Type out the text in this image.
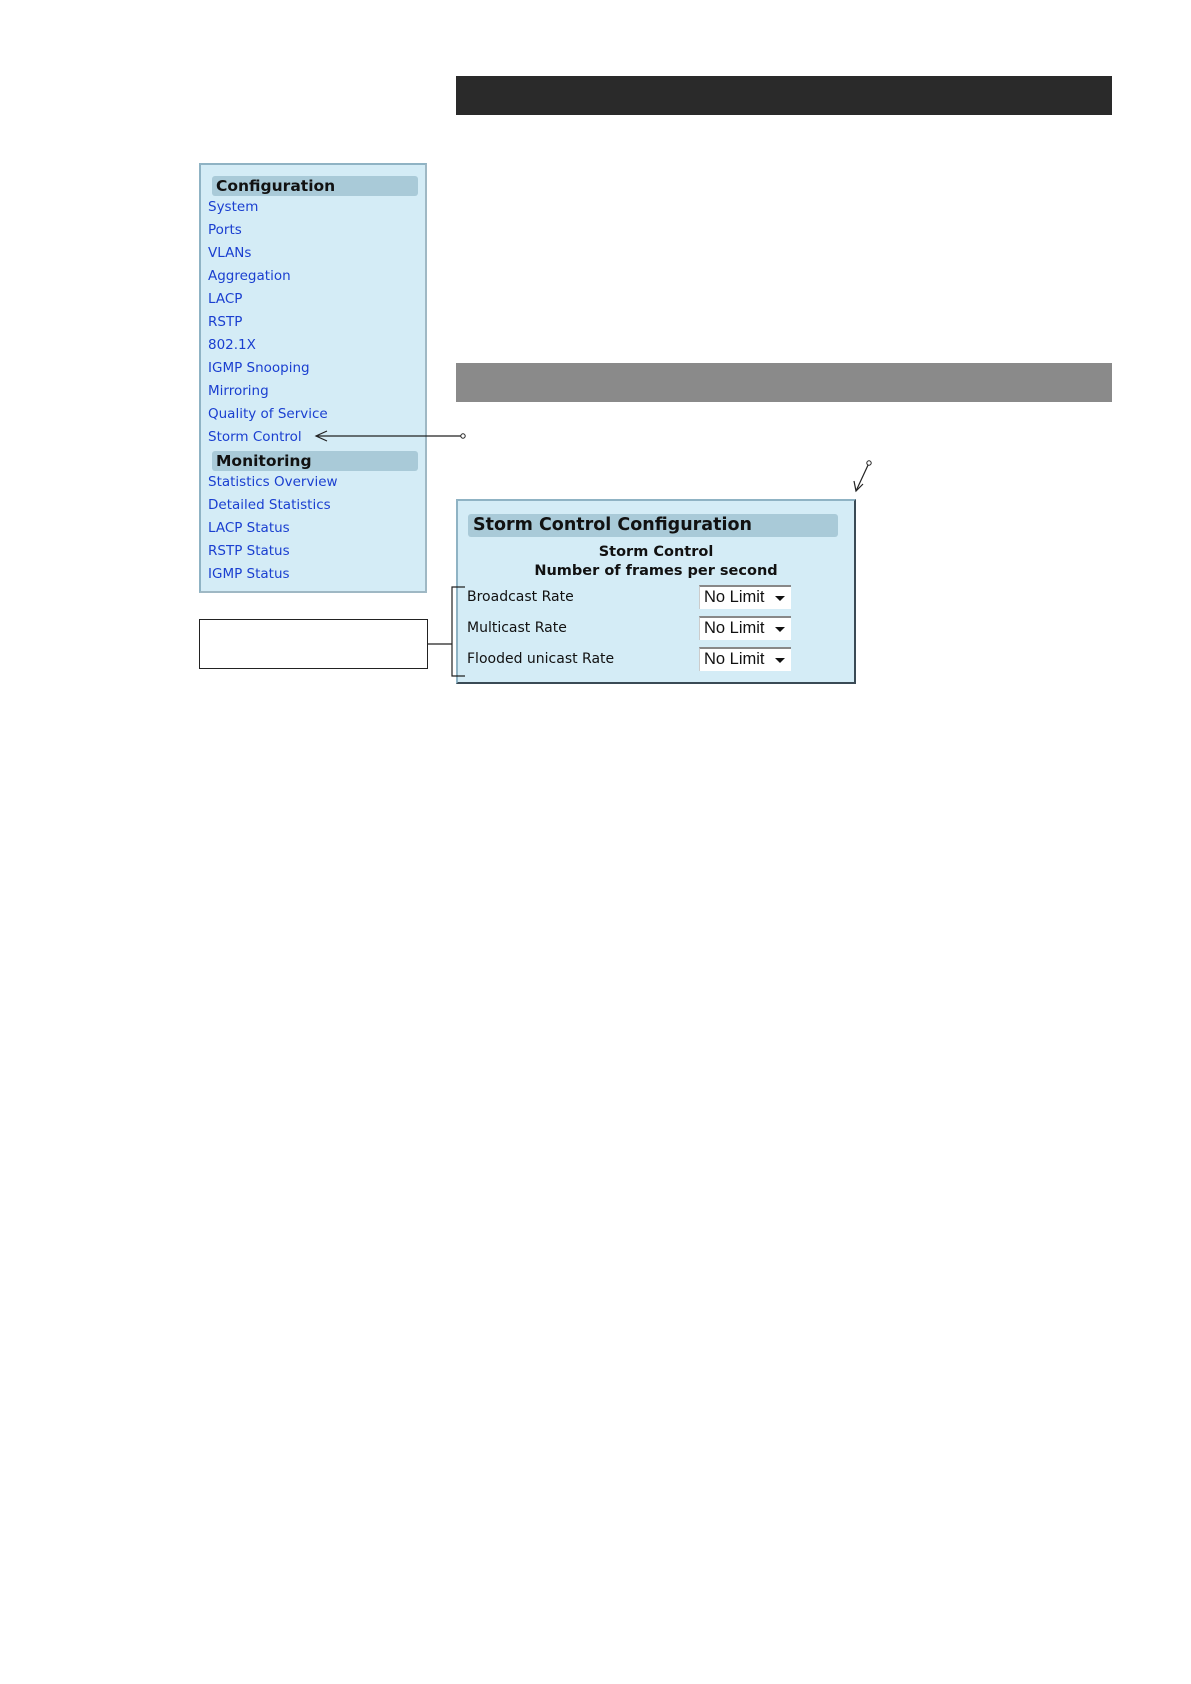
Configuration
System
Ports
VLANs
Aggregation
LACP
RSTP
802.1X
IGMP Snooping
Mirroring
Quality of Service
Storm Control
Monitoring
Statistics Overview
Detailed Statistics
LACP Status
RSTP Status
IGMP Status
Storm Control Configuration
Storm Control
Number of frames per second
Broadcast Rate	No Limit
Multicast Rate	No Limit
Flooded unicast Rate	No Limit
